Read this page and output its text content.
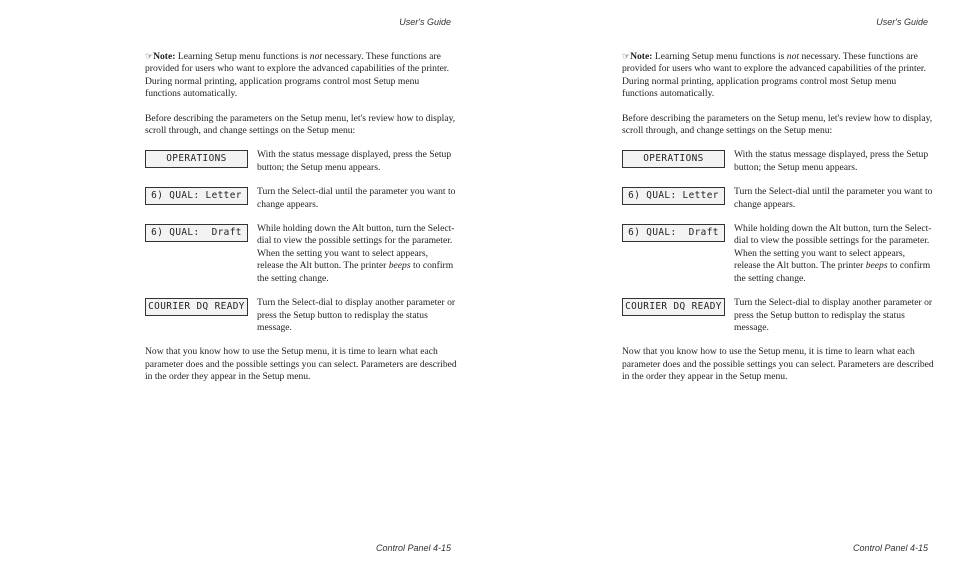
User's Guide

☞Note: Learning Setup menu functions is not necessary. These functions are provided for users who want to explore the advanced capabilities of the printer. During normal printing, application programs control most Setup menu functions automatically.

Before describing the parameters on the Setup menu, let's review how to display, scroll through, and change settings on the Setup menu:

OPERATIONS	With the status message displayed, press the Setup button; the Setup menu appears.
6) QUAL: Letter	Turn the Select-dial until the parameter you want to change appears.
6) QUAL:  Draft	While holding down the Alt button, turn the Select-dial to view the possible settings for the parameter. When the setting you want to select appears, release the Alt button. The printer beeps to confirm the setting change.
COURIER DQ READY	Turn the Select-dial to display another parameter or press the Setup button to redisplay the status message.

Now that you know how to use the Setup menu, it is time to learn what each parameter does and the possible settings you can select. Parameters are described in the order they appear in the Setup menu.

Control Panel 4-15
User's Guide

☞Note: Learning Setup menu functions is not necessary. These functions are provided for users who want to explore the advanced capabilities of the printer. During normal printing, application programs control most Setup menu functions automatically.

Before describing the parameters on the Setup menu, let's review how to display, scroll through, and change settings on the Setup menu:

OPERATIONS	With the status message displayed, press the Setup button; the Setup menu appears.
6) QUAL: Letter	Turn the Select-dial until the parameter you want to change appears.
6) QUAL:  Draft	While holding down the Alt button, turn the Select-dial to view the possible settings for the parameter. When the setting you want to select appears, release the Alt button. The printer beeps to confirm the setting change.
COURIER DQ READY	Turn the Select-dial to display another parameter or press the Setup button to redisplay the status message.

Now that you know how to use the Setup menu, it is time to learn what each parameter does and the possible settings you can select. Parameters are described in the order they appear in the Setup menu.

Control Panel 4-15
